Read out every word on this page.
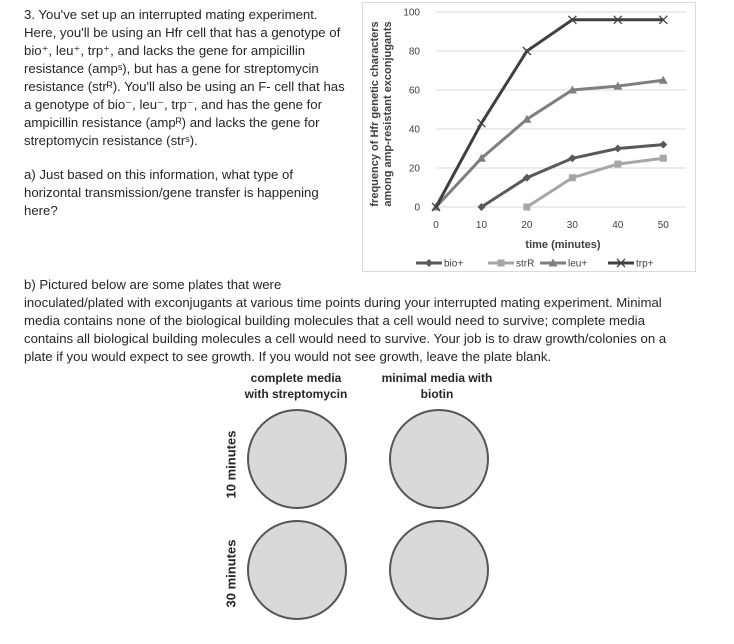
3. You've set up an interrupted mating experiment.
Here, you'll be using an Hfr cell that has a genotype of
bio⁺, leu⁺, trp⁺, and lacks the gene for ampicillin
resistance (ampˢ), but has a gene for streptomycin
resistance (strᴿ). You'll also be using an F- cell that has
a genotype of bio⁻, leu⁻, trp⁻, and has the gene for
ampicillin resistance (ampᴿ) and lacks the gene for
streptomycin resistance (strˢ).
a) Just based on this information, what type of
horizontal transmission/gene transfer is happening
here?	0
20
40
60
80
100
0	10	20	30	40	50
frequency of Hfr genetic characters among amp-resistant exconjugants
time (minutes)
bio+	strR	leu+	trp+
b) Pictured below are some plates that were
inoculated/plated with exconjugants at various time points during your interrupted mating experiment. Minimal
media contains none of the biological building molecules that a cell would need to survive; complete media
contains all biological building molecules a cell would need to survive. Your job is to draw growth/colonies on a
plate if you would expect to see growth. If you would not see growth, leave the plate blank.
complete media
with streptomycin
minimal media with
biotin
10 minutes
30 minutes
